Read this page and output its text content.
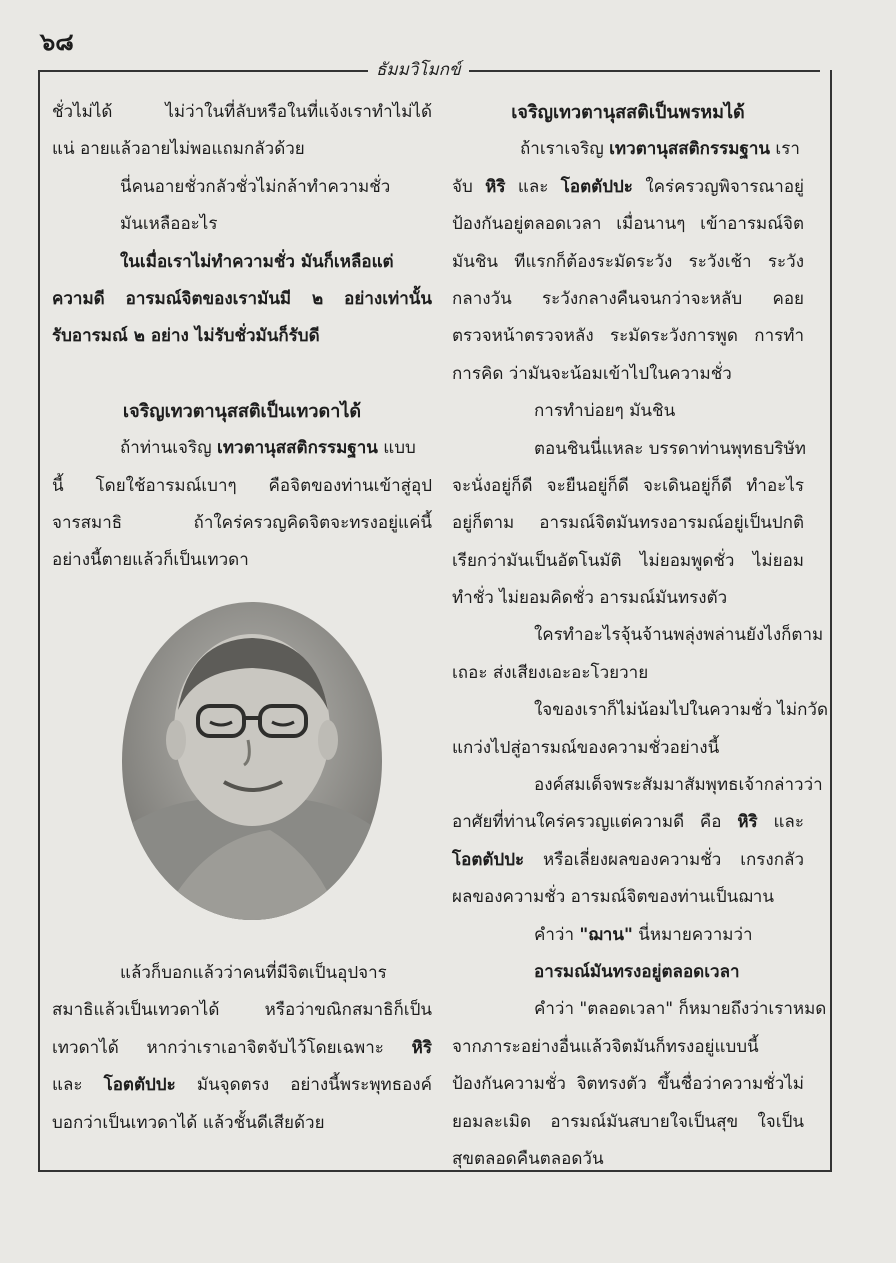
๖๘
ธัมมวิโมกข์
ชั่วไม่ได้ ไม่ว่าในที่ลับหรือในที่แจ้งเราทำไม่ได้
แน่ อายแล้วอายไม่พอแถมกลัวด้วย
นี่คนอายชั่วกลัวชั่วไม่กล้าทำความชั่ว
มันเหลืออะไร
ในเมื่อเราไม่ทำความชั่ว มันก็เหลือแต่
ความดี อารมณ์จิตของเรามันมี ๒ อย่างเท่านั้น
รับอารมณ์ ๒ อย่าง ไม่รับชั่วมันก็รับดี
เจริญเทวตานุสสติเป็นเทวดาได้
ถ้าท่านเจริญ เทวตานุสสติกรรมฐาน แบบ
นี้ โดยใช้อารมณ์เบาๆ คือจิตของท่านเข้าสู่อุป
จารสมาธิ ถ้าใคร่ครวญคิดจิตจะทรงอยู่แค่นี้
อย่างนี้ตายแล้วก็เป็นเทวดา
แล้วก็บอกแล้วว่าคนที่มีจิตเป็นอุปจาร
สมาธิแล้วเป็นเทวดาได้ หรือว่าขณิกสมาธิก็เป็น
เทวดาได้ หากว่าเราเอาจิตจับไว้โดยเฉพาะ หิริ
และ โอตตัปปะ มันจุดตรง อย่างนี้พระพุทธองค์
บอกว่าเป็นเทวดาได้ แล้วชั้นดีเสียด้วย
เจริญเทวตานุสสติเป็นพรหมได้
ถ้าเราเจริญ เทวตานุสสติกรรมฐาน เรา
จับ หิริ และ โอตตัปปะ ใคร่ครวญพิจารณาอยู่
ป้องกันอยู่ตลอดเวลา เมื่อนานๆ เข้าอารมณ์จิต
มันชิน ทีแรกก็ต้องระมัดระวัง ระวังเช้า ระวัง
กลางวัน ระวังกลางคืนจนกว่าจะหลับ คอย
ตรวจหน้าตรวจหลัง ระมัดระวังการพูด การทำ
การคิด ว่ามันจะน้อมเข้าไปในความชั่ว
การทำบ่อยๆ มันชิน
ตอนชินนี่แหละ บรรดาท่านพุทธบริษัท
จะนั่งอยู่ก็ดี จะยืนอยู่ก็ดี จะเดินอยู่ก็ดี ทำอะไร
อยู่ก็ตาม อารมณ์จิตมันทรงอารมณ์อยู่เป็นปกติ
เรียกว่ามันเป็นอัตโนมัติ ไม่ยอมพูดชั่ว ไม่ยอม
ทำชั่ว ไม่ยอมคิดชั่ว อารมณ์มันทรงตัว
ใครทำอะไรจุ้นจ้านพลุ่งพล่านยังไงก็ตาม
เถอะ ส่งเสียงเอะอะโวยวาย
ใจของเราก็ไม่น้อมไปในความชั่ว ไม่กวัด
แกว่งไปสู่อารมณ์ของความชั่วอย่างนี้
องค์สมเด็จพระสัมมาสัมพุทธเจ้ากล่าวว่า
อาศัยที่ท่านใคร่ครวญแต่ความดี คือ หิริ และ
โอตตัปปะ หรือเลี่ยงผลของความชั่ว เกรงกลัว
ผลของความชั่ว อารมณ์จิตของท่านเป็นฌาน
คำว่า "ฌาน" นี่หมายความว่า
อารมณ์มันทรงอยู่ตลอดเวลา
คำว่า "ตลอดเวลา" ก็หมายถึงว่าเราหมด
จากภาระอย่างอื่นแล้วจิตมันก็ทรงอยู่แบบนี้
ป้องกันความชั่ว จิตทรงตัว ขึ้นชื่อว่าความชั่วไม่
ยอมละเมิด อารมณ์มันสบายใจเป็นสุข ใจเป็น
สุขตลอดคืนตลอดวัน
